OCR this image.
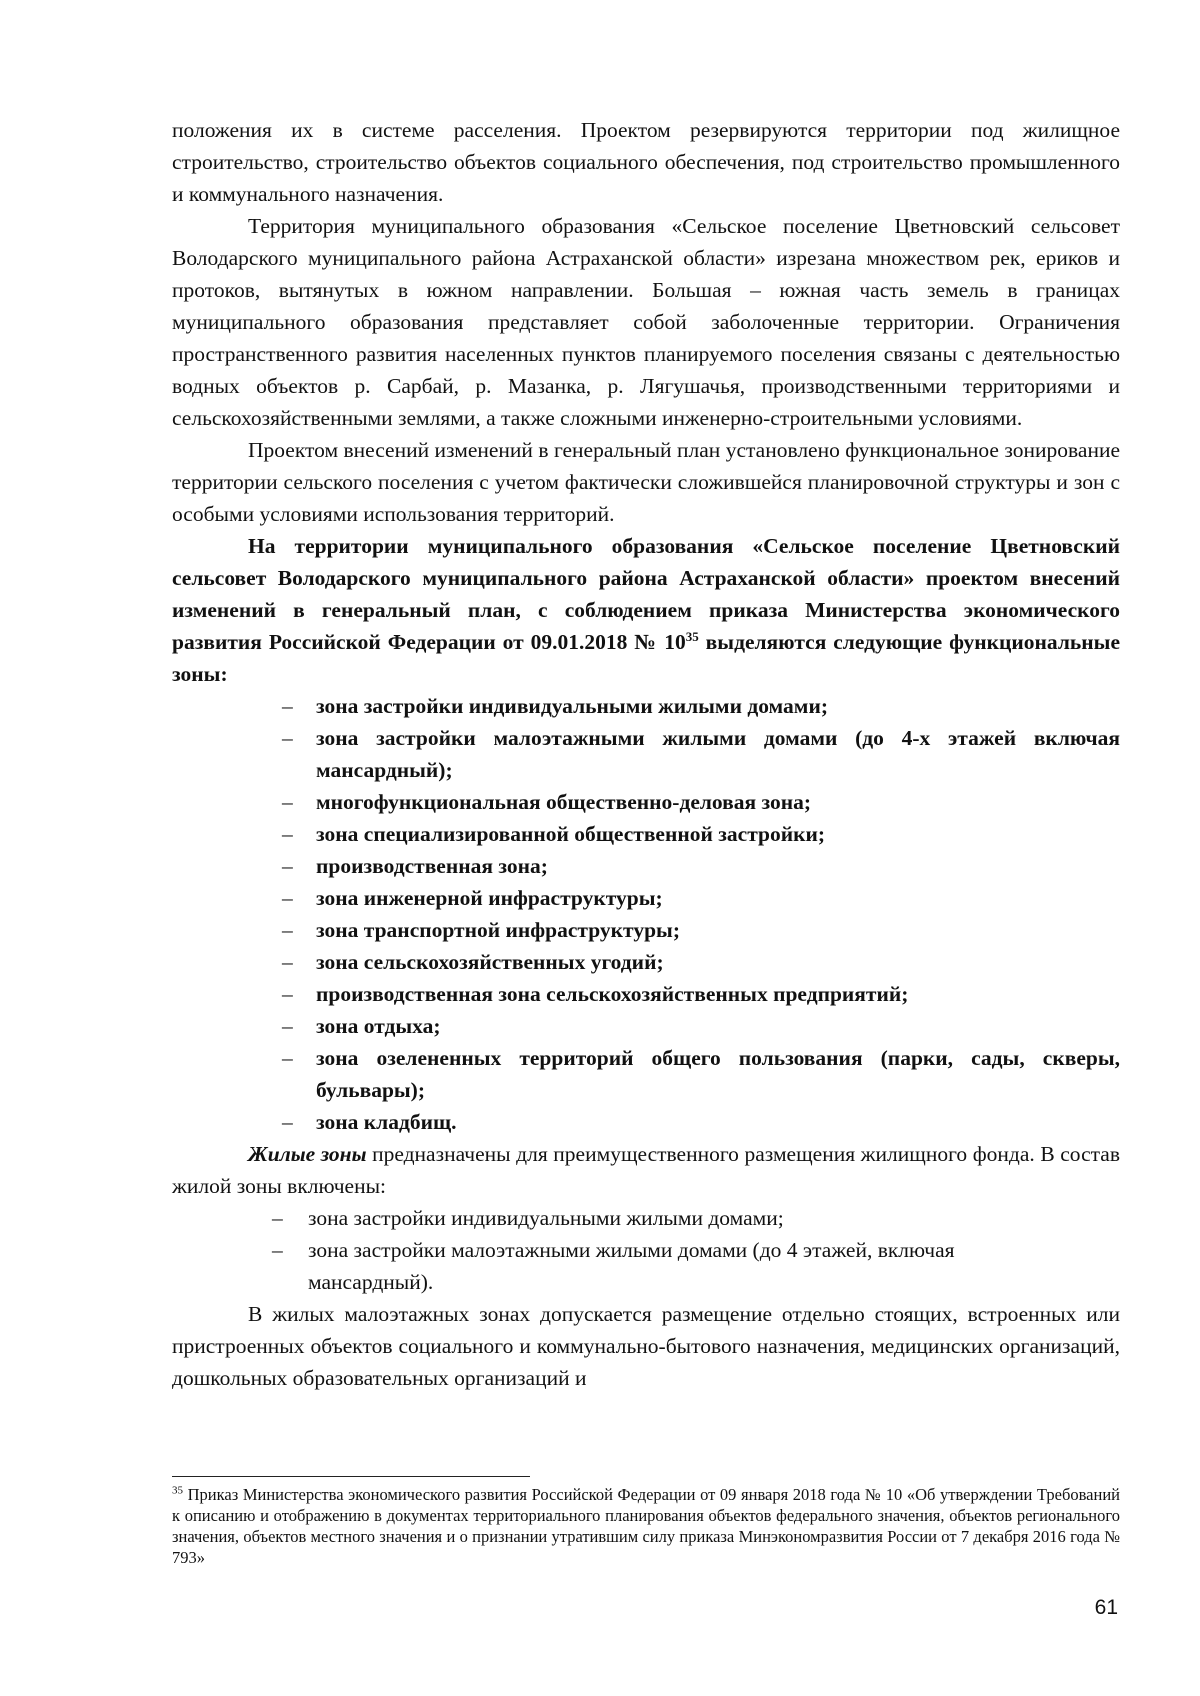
положения их в системе расселения. Проектом резервируются территории под жилищное строительство, строительство объектов социального обеспечения, под строительство промышленного и коммунального назначения.

Территория муниципального образования «Сельское поселение Цветновский сельсовет Володарского муниципального района Астраханской области» изрезана множеством рек, ериков и протоков, вытянутых в южном направлении. Большая – южная часть земель в границах муниципального образования представляет собой заболоченные территории. Ограничения пространственного развития населенных пунктов планируемого поселения связаны с деятельностью водных объектов р. Сарбай, р. Мазанка, р. Лягушачья, производственными территориями и сельскохозяйственными землями, а также сложными инженерно-строительными условиями.

Проектом внесений изменений в генеральный план установлено функциональное зонирование территории сельского поселения с учетом фактически сложившейся планировочной структуры и зон с особыми условиями использования территорий.

На территории муниципального образования «Сельское поселение Цветновский сельсовет Володарского муниципального района Астраханской области» проектом внесений изменений в генеральный план, с соблюдением приказа Министерства экономического развития Российской Федерации от 09.01.2018 № $10^{35}$ выделяются следующие функциональные зоны:

– зона застройки индивидуальными жилыми домами;
– зона застройки малоэтажными жилыми домами (до 4-х этажей включая мансардный);
– многофункциональная общественно-деловая зона;
– зона специализированной общественной застройки;
– производственная зона;
– зона инженерной инфраструктуры;
– зона транспортной инфраструктуры;
– зона сельскохозяйственных угодий;
– производственная зона сельскохозяйственных предприятий;
– зона отдыха;
– зона озелененных территорий общего пользования (парки, сады, скверы, бульвары);
– зона кладбищ.

Жилые зоны предназначены для преимущественного размещения жилищного фонда. В состав жилой зоны включены:

– зона застройки индивидуальными жилыми домами;
– зона застройки малоэтажными жилыми домами (до 4 этажей, включая мансардный).

В жилых малоэтажных зонах допускается размещение отдельно стоящих, встроенных или пристроенных объектов социального и коммунально-бытового назначения, медицинских организаций, дошкольных образовательных организаций и

$^{35}$ Приказ Министерства экономического развития Российской Федерации от 09 января 2018 года № 10 «Об утверждении Требований к описанию и отображению в документах территориального планирования объектов федерального значения, объектов регионального значения, объектов местного значения и о признании утратившим силу приказа Минэкономразвития России от 7 декабря 2016 года № 793»
61
